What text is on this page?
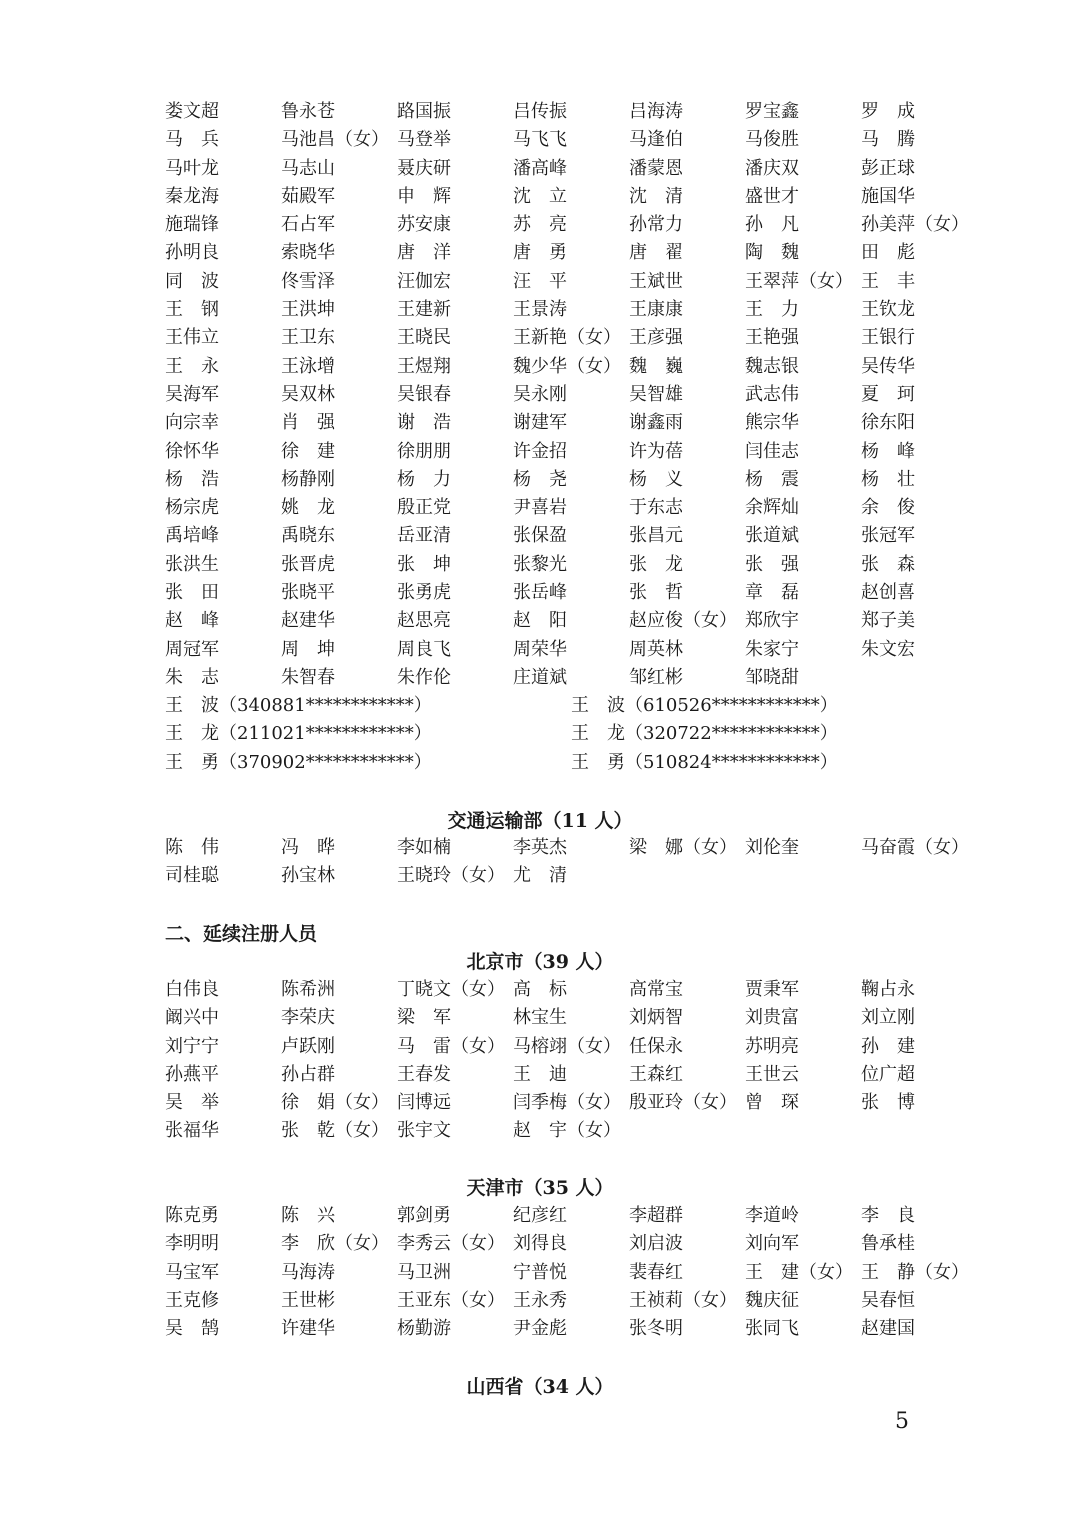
娄文超	鲁永苍	路国振	吕传振	吕海涛	罗宝鑫	罗　成
马　兵	马池昌（女） 马登举	马飞飞	马逢伯	马俊胜	马　腾
马叶龙	马志山	聂庆研	潘高峰	潘蒙恩	潘庆双	彭正球
秦龙海	茹殿军	申　辉	沈　立	沈　清	盛世才	施国华
施瑞锋	石占军	苏安康	苏　亮	孙常力	孙　凡	孙美萍（女）
孙明良	索晓华	唐　洋	唐　勇	唐　翟	陶　魏	田　彪
同　波	佟雪泽	汪伽宏	汪　平	王斌世	王翠萍（女） 王　丰
王　钢	王洪坤	王建新	王景涛	王康康	王　力	王钦龙
王伟立	王卫东	王晓民	王新艳（女） 王彦强	王艳强	王银行
王　永	王泳增	王煜翔	魏少华（女） 魏　巍	魏志银	吴传华
吴海军	吴双林	吴银春	吴永刚	吴智雄	武志伟	夏　珂
向宗幸	肖　强	谢　浩	谢建军	谢鑫雨	熊宗华	徐东阳
徐怀华	徐　建	徐朋朋	许金招	许为蓓	闫佳志	杨　峰
杨　浩	杨静刚	杨　力	杨　尧	杨　义	杨　震	杨　壮
杨宗虎	姚　龙	殷正党	尹喜岩	于东志	余辉灿	余　俊
禹培峰	禹晓东	岳亚清	张保盈	张昌元	张道斌	张冠军
张洪生	张晋虎	张　坤	张黎光	张　龙	张　强	张　森
张　田	张晓平	张勇虎	张岳峰	张　哲	章　磊	赵创喜
赵　峰	赵建华	赵思亮	赵　阳	赵应俊（女） 郑欣宇	郑子美
周冠军	周　坤	周良飞	周荣华	周英林	朱家宁	朱文宏
朱　志	朱智春	朱作伦	庄道斌	邹红彬	邹晓甜
王　波（340881************）	王　波（610526************）
王　龙（211021************）	王　龙（320722************）
王　勇（370902************）	王　勇（510824************）
交通运输部（11 人）
陈　伟	冯　晔	李如楠	李英杰	梁　娜（女） 刘伦奎	马奋霞（女）
司桂聪	孙宝林	王晓玲（女） 尤　清
二、延续注册人员
北京市（39 人）
白伟良	陈希洲	丁晓文（女） 高　标	高常宝	贾秉军	鞠占永
阚兴中	李荣庆	梁　军	林宝生	刘炳智	刘贵富	刘立刚
刘宁宁	卢跃刚	马　雷（女） 马榕翊（女） 任保永	苏明亮	孙　建
孙燕平	孙占群	王春发	王　迪	王森红	王世云	位广超
吴　举	徐　娟（女） 闫博远	闫季梅（女） 殷亚玲（女） 曾　琛	张　博
张福华	张　乾（女） 张宇文	赵　宇（女）
天津市（35 人）
陈克勇	陈　兴	郭剑勇	纪彦红	李超群	李道岭	李　良
李明明	李　欣（女） 李秀云（女） 刘得良	刘启波	刘向军	鲁承桂
马宝军	马海涛	马卫洲	宁普悦	裴春红	王　建（女） 王　静（女）
王克修	王世彬	王亚东（女） 王永秀	王祯莉（女） 魏庆征	吴春恒
吴　鹄	许建华	杨勤游	尹金彪	张冬明	张同飞	赵建国
山西省（34 人）
5
